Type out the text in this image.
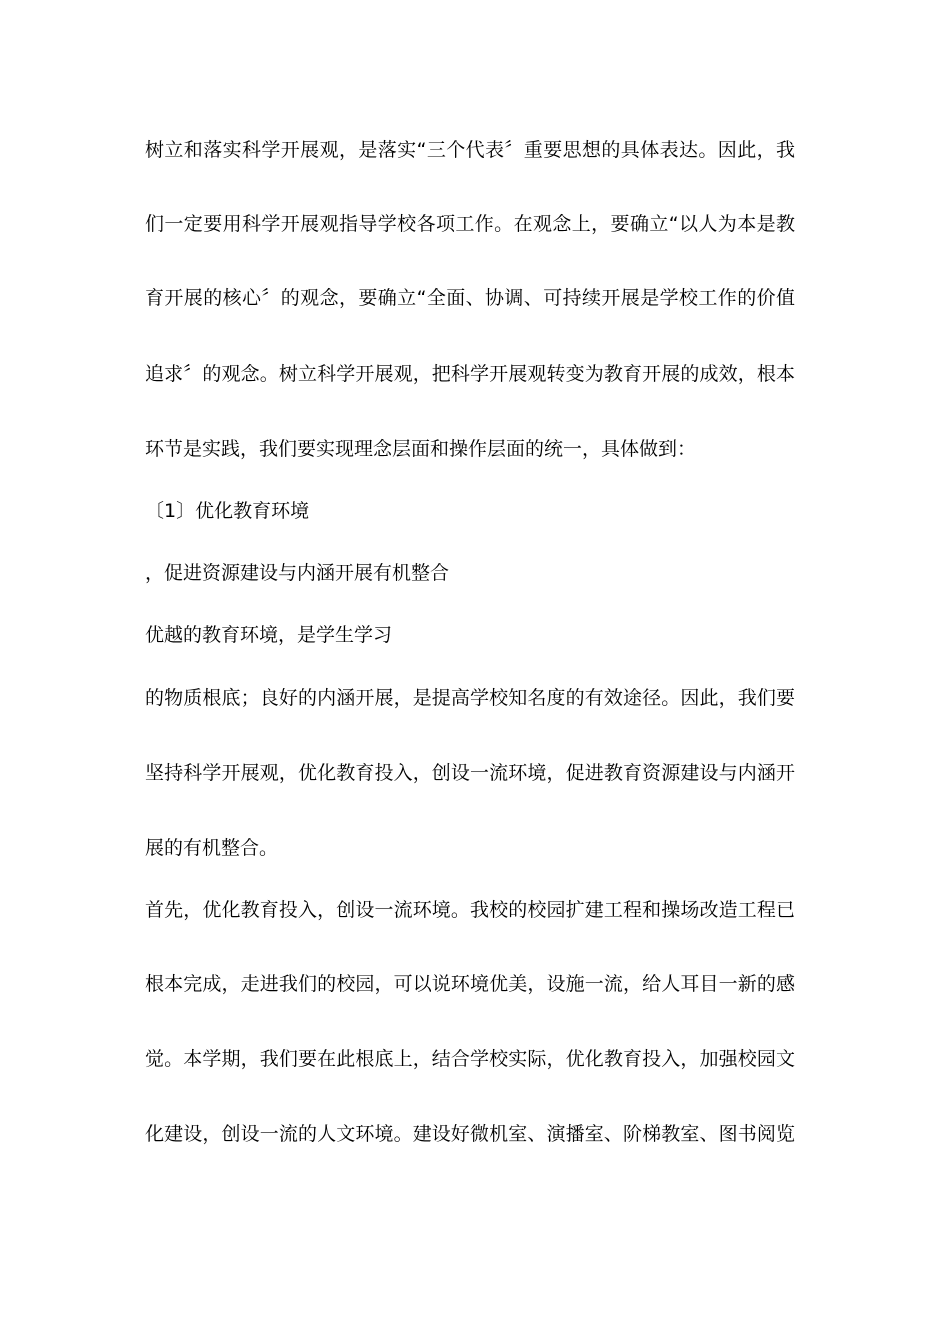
树立和落实科学开展观，是落实“三个代表〞重要思想的具体表达。因此，我
们一定要用科学开展观指导学校各项工作。在观念上，要确立“以人为本是教
育开展的核心〞的观念，要确立“全面、协调、可持续开展是学校工作的价值
追求〞的观念。树立科学开展观，把科学开展观转变为教育开展的成效，根本
环节是实践，我们要实现理念层面和操作层面的统一，具体做到：
〔1〕优化教育环境
，促进资源建设与内涵开展有机整合
优越的教育环境，是学生学习
的物质根底；良好的内涵开展，是提高学校知名度的有效途径。因此，我们要
坚持科学开展观，优化教育投入，创设一流环境，促进教育资源建设与内涵开
展的有机整合。
首先，优化教育投入，创设一流环境。我校的校园扩建工程和操场改造工程已
根本完成，走进我们的校园，可以说环境优美，设施一流，给人耳目一新的感
觉。本学期，我们要在此根底上，结合学校实际，优化教育投入，加强校园文
化建设，创设一流的人文环境。建设好微机室、演播室、阶梯教室、图书阅览
